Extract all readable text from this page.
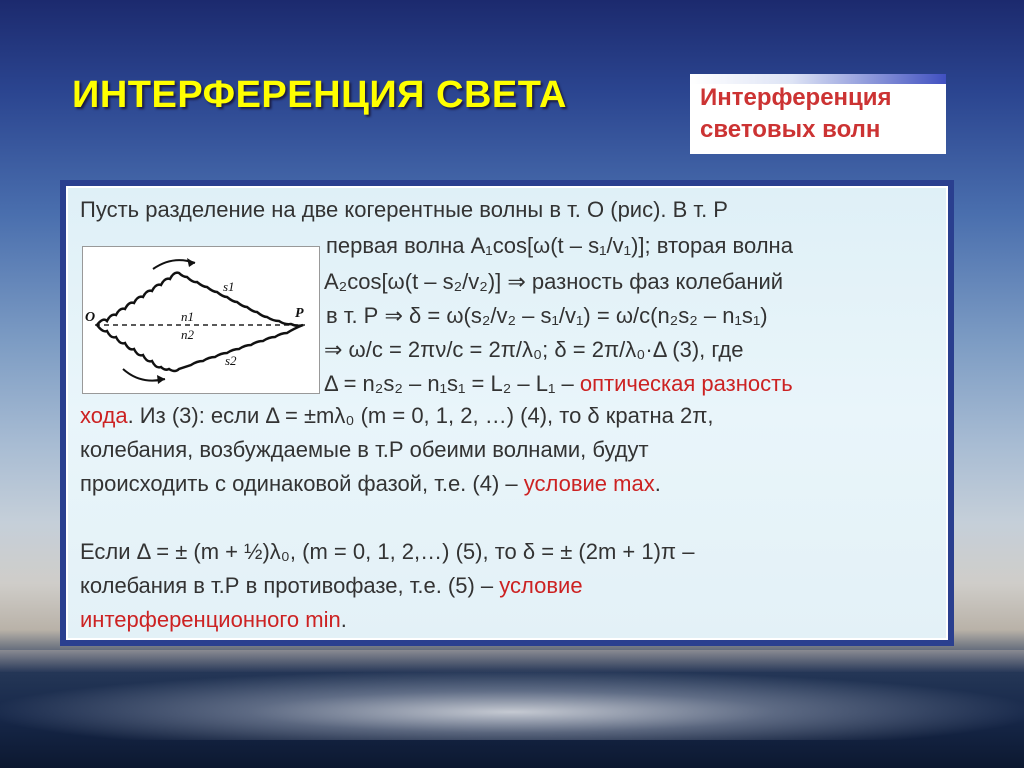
ИНТЕРФЕРЕНЦИЯ СВЕТА	Интерференция
световых волн
Пусть разделение на две когерентные волны в т. О (рис). В т. Р
O	P
s1
s2
n1
n2
первая волна A₁cos[ω(t – s₁/v₁)]; вторая волна
A₂cos[ω(t – s₂/v₂)] ⇒ разность фаз колебаний
в т. Р ⇒ δ = ω(s₂/v₂ – s₁/v₁) = ω/c(n₂s₂ – n₁s₁)
⇒ ω/c = 2πν/c = 2π/λ₀; δ = 2π/λ₀·Δ (3), где
Δ = n₂s₂ – n₁s₁ = L₂ – L₁ – оптическая разность
хода. Из (3): если Δ = ±mλ₀ (m = 0, 1, 2, …) (4), то δ кратна 2π,
колебания, возбуждаемые в т.Р обеими волнами, будут
происходить с одинаковой фазой, т.е. (4) – условие max.
Если Δ = ± (m + ½)λ₀, (m = 0, 1, 2,…) (5), то δ = ± (2m + 1)π –
колебания в т.Р в противофазе, т.е. (5) – условие
интерференционного min.
